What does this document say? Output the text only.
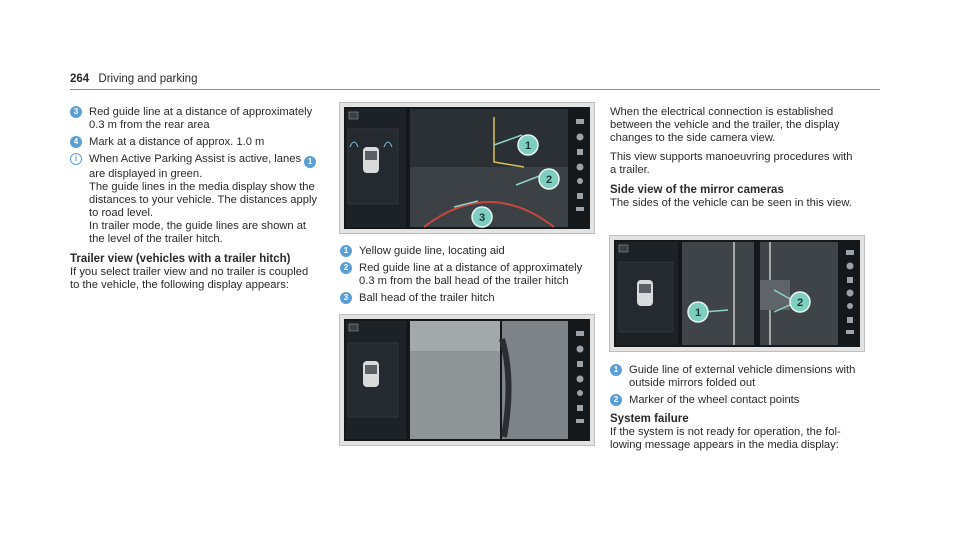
264 Driving and parking
3 Red guide line at a distance of approximately
0.3 m from the rear area
4 Mark at a distance of approx. 1.0 m
i	When Active Parking Assist is active, lanes 1
are displayed in green.
The guide lines in the media display show the
distances to your vehicle. The distances apply
to road level.
In trailer mode, the guide lines are shown at
the level of the trailer hitch.
Trailer view (vehicles with a trailer hitch)
If you select trailer view and no trailer is coupled
to the vehicle, the following display appears:
1
2
3
1 Yellow guide line, locating aid
2 Red guide line at a distance of approximately
0.3 m from the ball head of the trailer hitch
3 Ball head of the trailer hitch
When the electrical connection is established
between the vehicle and the trailer, the display
changes to the side camera view.
This view supports manoeuvring procedures with
a trailer.
Side view of the mirror cameras
The sides of the vehicle can be seen in this view.
1
2
1 Guide line of external vehicle dimensions with
outside mirrors folded out
2 Marker of the wheel contact points
System failure
If the system is not ready for operation, the fol-
lowing message appears in the media display:
